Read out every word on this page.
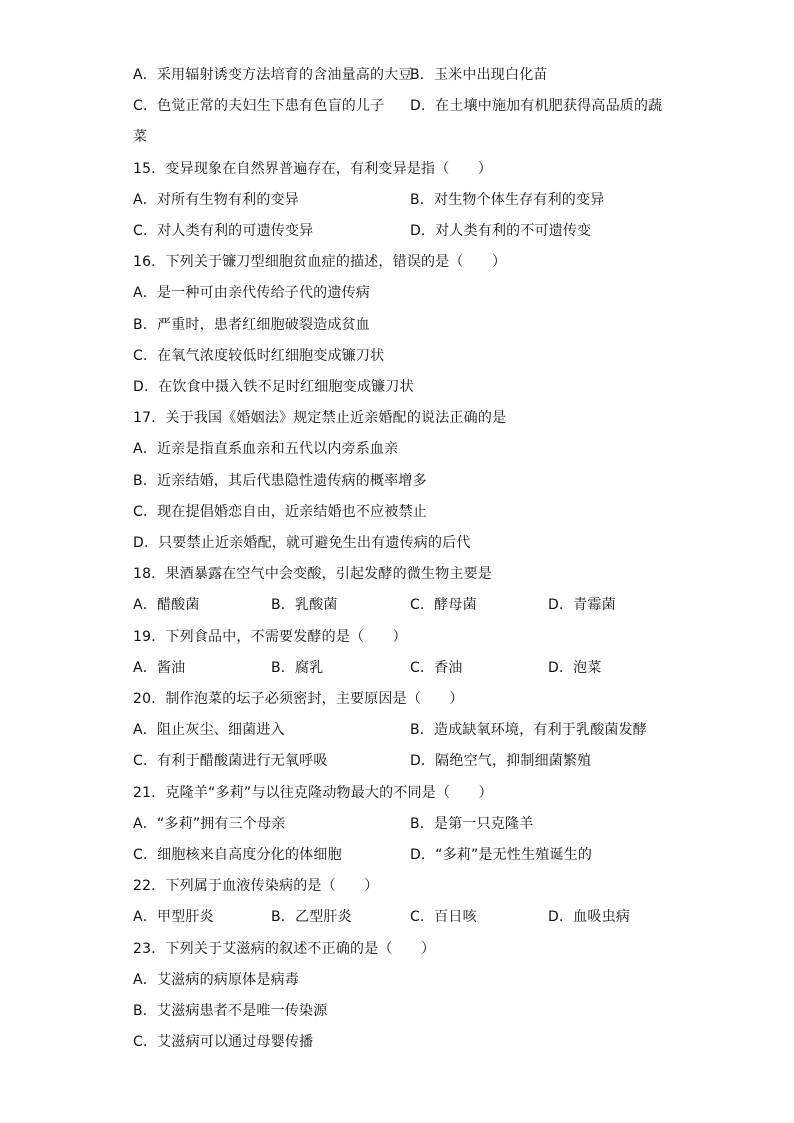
A．采用辐射诱变方法培育的含油量高的大豆
B．玉米中出现白化苗
C．色觉正常的夫妇生下患有色盲的儿子 D．在土壤中施加有机肥获得高品质的蔬
菜
15．变异现象在自然界普遍存在，有利变异是指（　　）
A．对所有生物有利的变异	B．对生物个体生存有利的变异
C．对人类有利的可遗传变异	D．对人类有利的不可遗传变
16．下列关于镰刀型细胞贫血症的描述，错误的是（　　）
A．是一种可由亲代传给子代的遗传病
B．严重时，患者红细胞破裂造成贫血
C．在氧气浓度较低时红细胞变成镰刀状
D．在饮食中摄入铁不足时红细胞变成镰刀状
17．关于我国《婚姻法》规定禁止近亲婚配的说法正确的是
A．近亲是指直系血亲和五代以内旁系血亲
B．近亲结婚，其后代患隐性遗传病的概率增多
C．现在提倡婚恋自由，近亲结婚也不应被禁止
D．只要禁止近亲婚配，就可避免生出有遗传病的后代
18．果酒暴露在空气中会变酸，引起发酵的微生物主要是
A．醋酸菌	B．乳酸菌	C．酵母菌	D．青霉菌
19．下列食品中，不需要发酵的是（　　）
A．酱油	B．腐乳	C．香油	D．泡菜
20．制作泡菜的坛子必须密封，主要原因是（　　）
A．阻止灰尘、细菌进入	B．造成缺氧环境，有利于乳酸菌发酵
C．有利于醋酸菌进行无氧呼吸	D．隔绝空气，抑制细菌繁殖
21．克隆羊“多莉”与以往克隆动物最大的不同是（　　）
A．“多莉”拥有三个母亲	B．是第一只克隆羊
C．细胞核来自高度分化的体细胞	D．“多莉”是无性生殖诞生的
22．下列属于血液传染病的是（　　）
A．甲型肝炎	B．乙型肝炎	C．百日咳	D．血吸虫病
23．下列关于艾滋病的叙述不正确的是（　　）
A．艾滋病的病原体是病毒
B．艾滋病患者不是唯一传染源
C．艾滋病可以通过母婴传播
